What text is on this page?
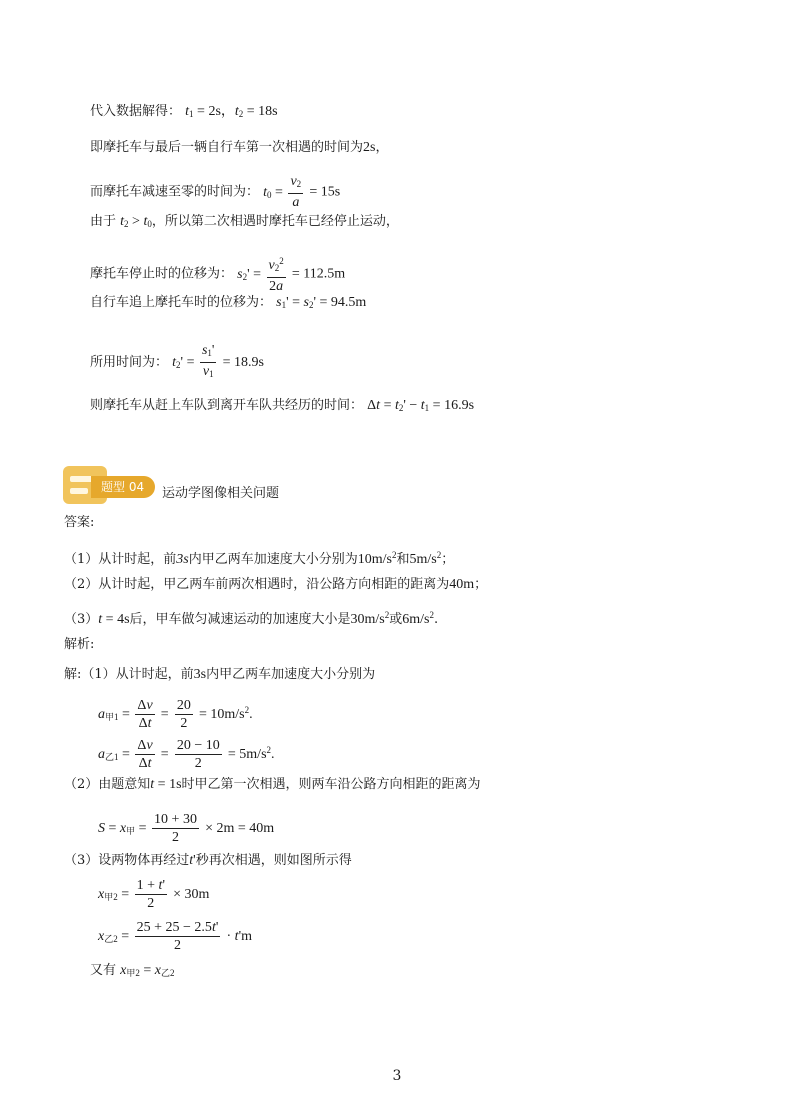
代入数据解得： $t_1 = 2s$，$t_2 = 18s$
即摩托车与最后一辆自行车第一次相遇的时间为2s，
而摩托车减速至零的时间为： $t_0 = \frac{v_2}{a} = 15s$
由于 $t_2 > t_0$，所以第二次相遇时摩托车已经停止运动，
摩托车停止时的位移为： $s_2' = \frac{v_2^2}{2a} = 112.5m$
自行车追上摩托车时的位移为： $s_1' = s_2' = 94.5m$
所用时间为： $t_2' = \frac{s_1'}{v_1} = 18.9s$
则摩托车从赶上车队到离开车队共经历的时间： $\Delta t = t_2' - t_1 = 16.9s$
题型 04	运动学图像相关问题
答案:
（1）从计时起，前3s内甲乙两车加速度大小分别为$10m/s^2$和$5m/s^2$；
（2）从计时起，甲乙两车前两次相遇时，沿公路方向相距的距离为40m；
（3）t = 4s后，甲车做匀减速运动的加速度大小是$30m/s^2$或$6m/s^2$.
解析:
解:（1）从计时起，前3s内甲乙两车加速度大小分别为
$a_{甲1} = \frac{\Delta v}{\Delta t} = \frac{20}{2} = 10m/s^2$.
$a_{乙1} = \frac{\Delta v}{\Delta t} = \frac{20 - 10}{2} = 5m/s^2$.
（2）由题意知t = 1s时甲乙第一次相遇，则两车沿公路方向相距的距离为
$S = x_甲 = \frac{10 + 30}{2} \times 2m = 40m$
（3）设两物体再经过t'秒再次相遇，则如图所示得
$x_{甲2} = \frac{1 + t'}{2} \times 30m$
$x_{乙2} = \frac{25 + 25 - 2.5t'}{2} \cdot t'm$
又有 $x_{甲2} = x_{乙2}$
3
